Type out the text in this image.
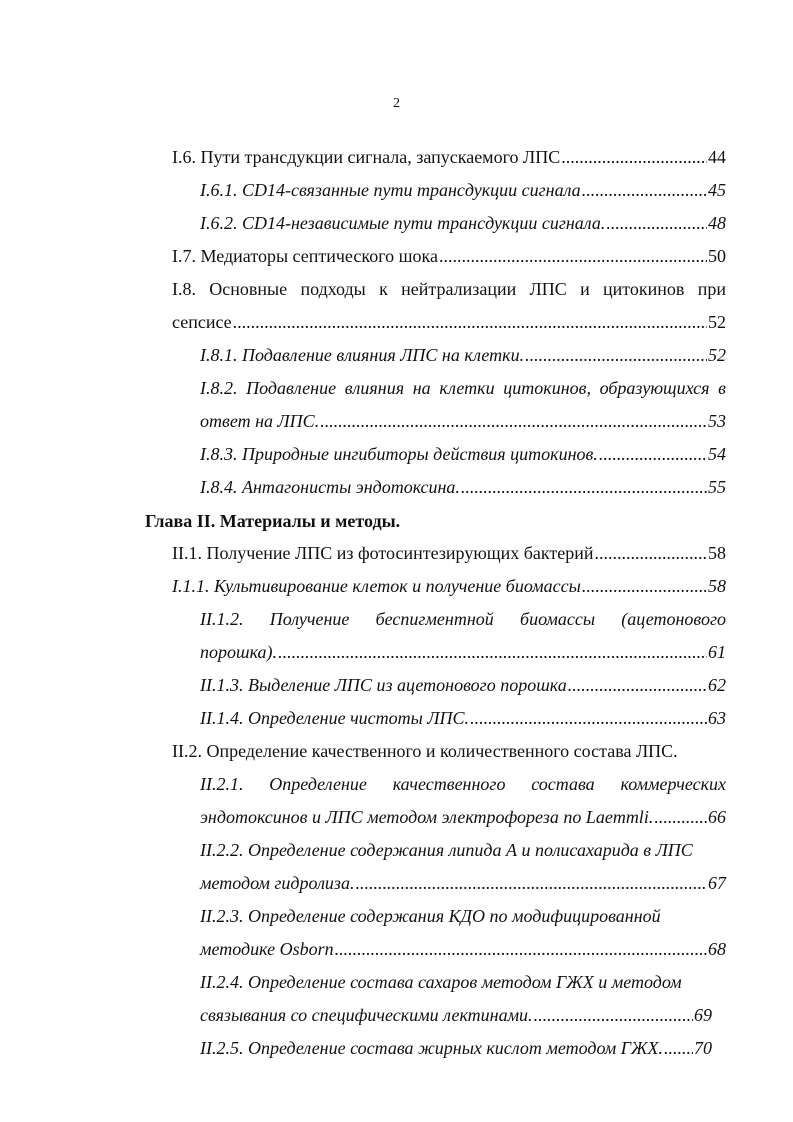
2
I.6. Пути трансдукции сигнала, запускаемого ЛПС .....	44
I.6.1. CD14-связанные пути трансдукции сигнала .....	45
I.6.2. CD14-независимые пути трансдукции сигнала. .....	48
I.7. Медиаторы септического шока .....	50
I.8. Основные подходы к нейтрализации ЛПС и цитокинов при
сепсисе .....	52
I.8.1. Подавление влияния ЛПС на клетки. .....	52
I.8.2. Подавление влияния на клетки цитокинов, образующихся в
ответ на ЛПС. .....	53
I.8.3. Природные ингибиторы действия цитокинов. .....	54
I.8.4. Антагонисты эндотоксина. .....	55
Глава II. Материалы и методы.
II.1. Получение ЛПС из фотосинтезирующих бактерий .....	58
I.1.1. Культивирование клеток и получение биомассы .....	58
II.1.2. Получение беспигментной биомассы (ацетонового
порошка). .....	61
II.1.3. Выделение ЛПС из ацетонового порошка .....	62
II.1.4. Определение чистоты ЛПС. .....	63
II.2. Определение качественного и количественного состава ЛПС.
II.2.1. Определение качественного состава коммерческих
эндотоксинов и ЛПС методом электрофореза по Laemmli. .....	66
II.2.2. Определение содержания липида А и полисахарида в ЛПС
методом гидролиза. .....	67
II.2.3. Определение содержания КДО по модифицированной
методике Osborn .....	68
II.2.4. Определение состава сахаров методом ГЖХ и методом
связывания со специфическими лектинами. .....	69
II.2.5. Определение состава жирных кислот методом ГЖХ. ..... 70
